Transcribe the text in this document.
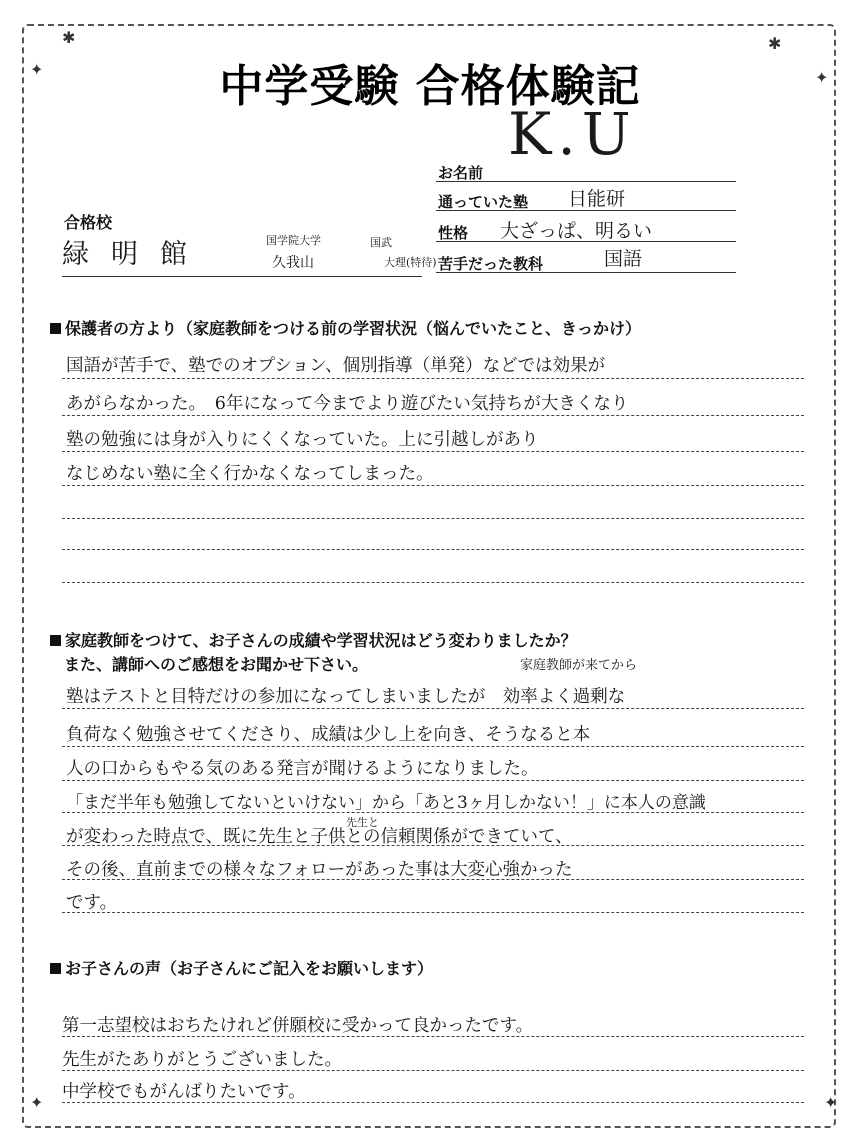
✱
✦
✱
✦
✦
✦
中学受験 合格体験記
お名前
K.U
通っていた塾 日能研
性格 大ざっぱ、明るい
苦手だった教科	国語
合格校
緑明館	国学院大学	国武
久我山	大理(特待)
保護者の方より（家庭教師をつける前の学習状況（悩んでいたこと、きっかけ）
国語が苦手で、塾でのオプション、個別指導（単発）などでは効果が
あがらなかった。　6年になって今までより遊びたい気持ちが大きくなり
塾の勉強には身が入りにくくなっていた。上に引越しがあり
なじめない塾に全く行かなくなってしまった。
家庭教師をつけて、お子さんの成績や学習状況はどう変わりましたか？
また、講師へのご感想をお聞かせ下さい。	家庭教師が来てから
塾はテストと目特だけの参加になってしまいましたが　効率よく過剰な
負荷なく勉強させてくださり、成績は少し上を向き、そうなると本
人の口からもやる気のある発言が聞けるようになりました。
「まだ半年も勉強してないといけない」から「あと3ヶ月しかない！」に本人の意識
先生と
が変わった時点で、既に先生と子供との信頼関係ができていて、
その後、直前までの様々なフォローがあった事は大変心強かった
です。
お子さんの声（お子さんにご記入をお願いします）
第一志望校はおちたけれど併願校に受かって良かったです。
先生がたありがとうございました。
中学校でもがんばりたいです。
